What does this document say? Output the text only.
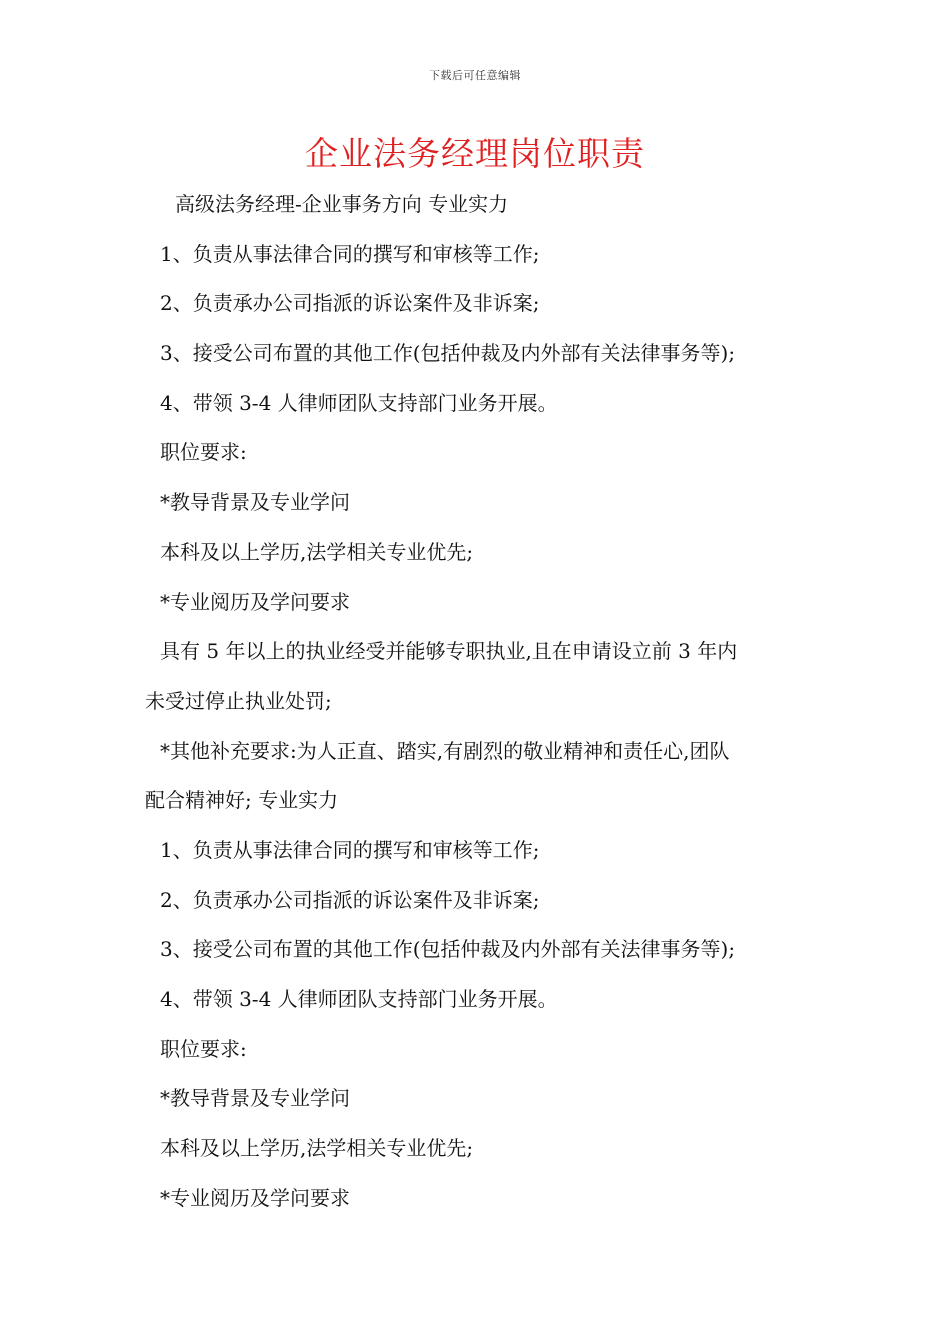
下载后可任意编辑
企业法务经理岗位职责
高级法务经理-企业事务方向 专业实力
1、负责从事法律合同的撰写和审核等工作;
2、负责承办公司指派的诉讼案件及非诉案;
3、接受公司布置的其他工作(包括仲裁及内外部有关法律事务等);
4、带领 3-4 人律师团队支持部门业务开展。
职位要求:
*教导背景及专业学问
本科及以上学历,法学相关专业优先;
*专业阅历及学问要求
具有 5 年以上的执业经受并能够专职执业,且在申请设立前 3 年内
未受过停止执业处罚;
*其他补充要求:为人正直、踏实,有剧烈的敬业精神和责任心,团队
配合精神好; 专业实力
1、负责从事法律合同的撰写和审核等工作;
2、负责承办公司指派的诉讼案件及非诉案;
3、接受公司布置的其他工作(包括仲裁及内外部有关法律事务等);
4、带领 3-4 人律师团队支持部门业务开展。
职位要求:
*教导背景及专业学问
本科及以上学历,法学相关专业优先;
*专业阅历及学问要求
